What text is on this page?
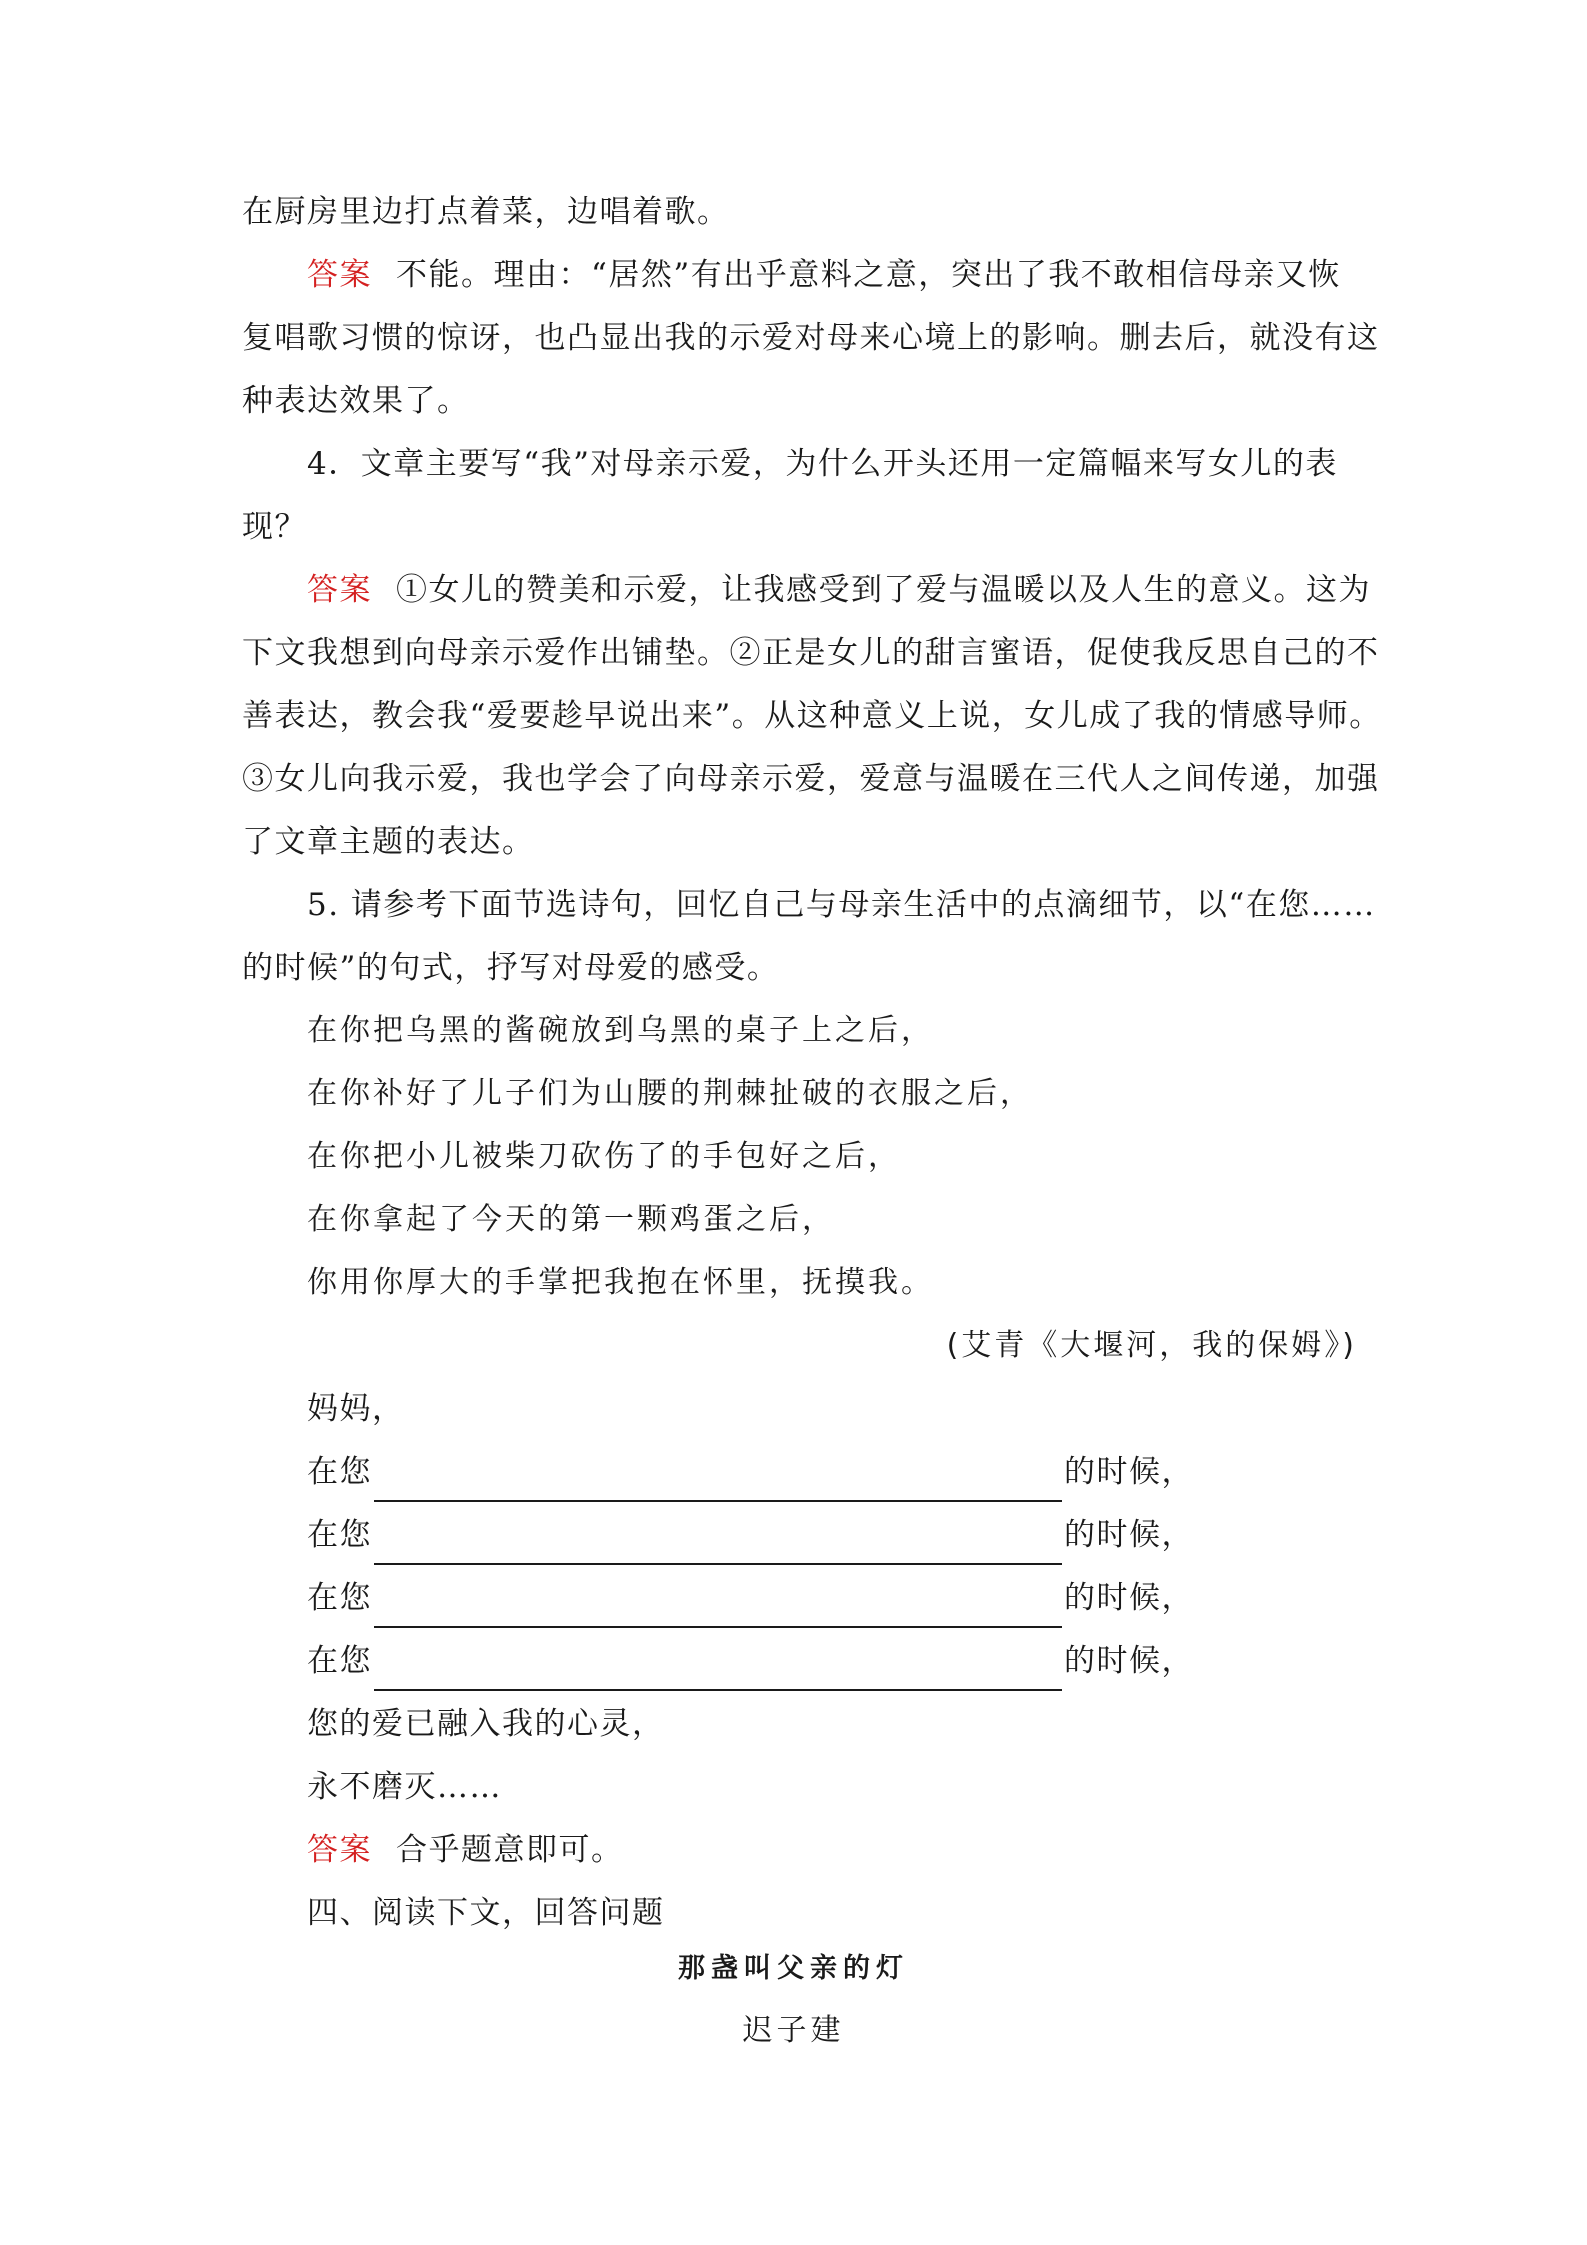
在厨房里边打点着菜，边唱着歌。
答案 不能。理由：“居然”有出乎意料之意，突出了我不敢相信母亲又恢
复唱歌习惯的惊讶，也凸显出我的示爱对母来心境上的影响。删去后，就没有这
种表达效果了。
4．文章主要写“我”对母亲示爱，为什么开头还用一定篇幅来写女儿的表
现？
答案 ①女儿的赞美和示爱，让我感受到了爱与温暖以及人生的意义。这为
下文我想到向母亲示爱作出铺垫。②正是女儿的甜言蜜语，促使我反思自己的不
善表达，教会我“爱要趁早说出来”。从这种意义上说，女儿成了我的情感导师。
③女儿向我示爱，我也学会了向母亲示爱，爱意与温暖在三代人之间传递，加强
了文章主题的表达。
5. 请参考下面节选诗句，回忆自己与母亲生活中的点滴细节，以“在您……
的时候”的句式，抒写对母爱的感受。
在你把乌黑的酱碗放到乌黑的桌子上之后，
在你补好了儿子们为山腰的荆棘扯破的衣服之后，
在你把小儿被柴刀砍伤了的手包好之后，
在你拿起了今天的第一颗鸡蛋之后，
你用你厚大的手掌把我抱在怀里，抚摸我。
(艾青《大堰河，我的保姆》)
妈妈，
在您	的时候，
在您	的时候，
在您	的时候，
在您	的时候，
您的爱已融入我的心灵，
永不磨灭……
答案 合乎题意即可。
四、阅读下文，回答问题
那盏叫父亲的灯
迟子建
